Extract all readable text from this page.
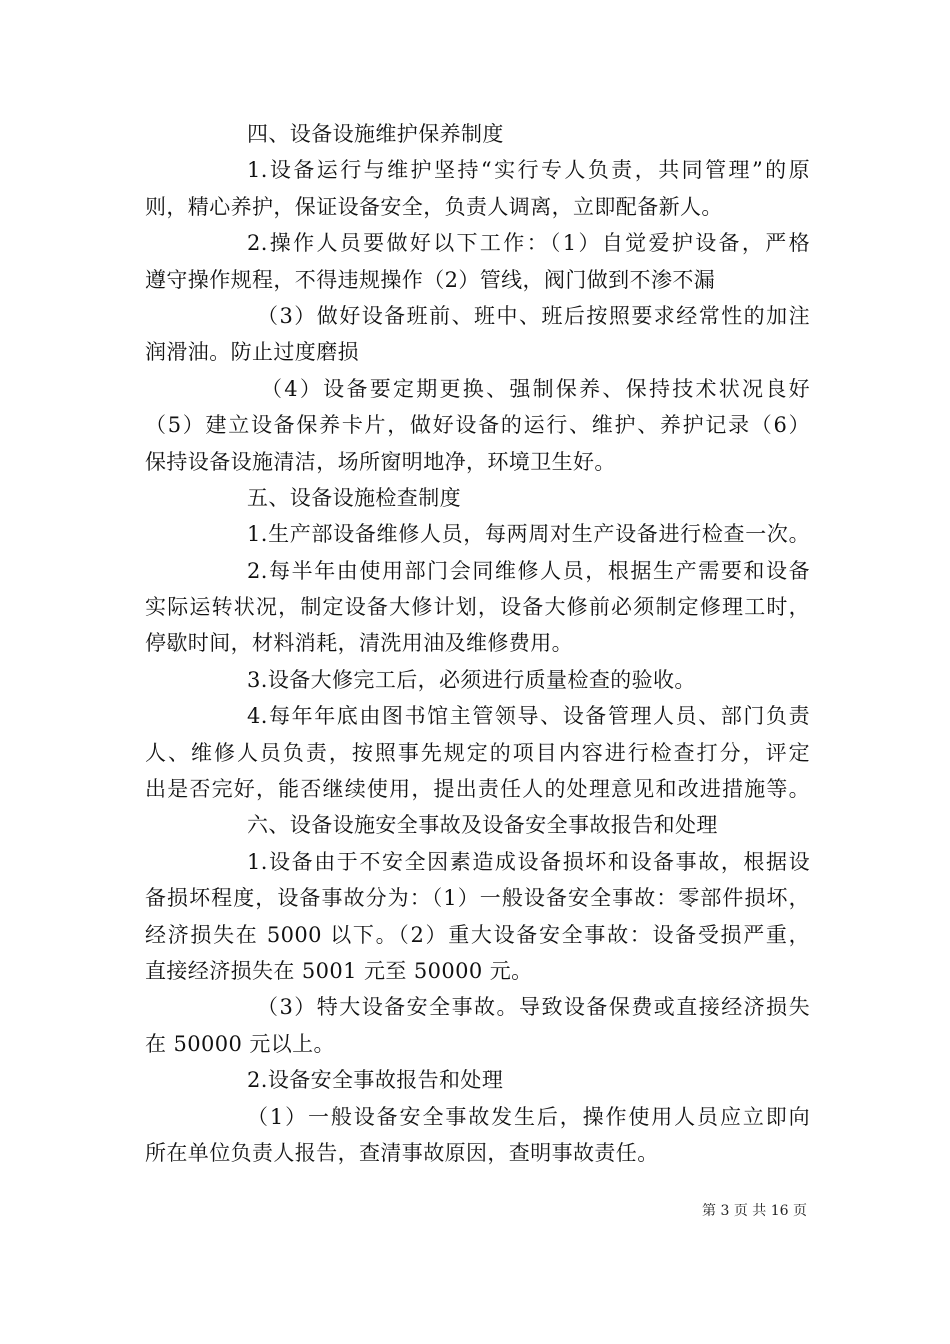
四、设备设施维护保养制度
1.设备运行与维护坚持“实行专人负责，共同管理”的原
则，精心养护，保证设备安全，负责人调离，立即配备新人。
2.操作人员要做好以下工作：（1）自觉爱护设备，严格
遵守操作规程，不得违规操作（2）管线，阀门做到不渗不漏
（3）做好设备班前、班中、班后按照要求经常性的加注
润滑油。防止过度磨损
（4）设备要定期更换、强制保养、保持技术状况良好
（5）建立设备保养卡片，做好设备的运行、维护、养护记录（6）
保持设备设施清洁，场所窗明地净，环境卫生好。
五、设备设施检查制度
1.生产部设备维修人员，每两周对生产设备进行检查一次。
2.每半年由使用部门会同维修人员，根据生产需要和设备
实际运转状况，制定设备大修计划，设备大修前必须制定修理工时，
停歇时间，材料消耗，清洗用油及维修费用。
3.设备大修完工后，必须进行质量检查的验收。
4.每年年底由图书馆主管领导、设备管理人员、部门负责
人、维修人员负责，按照事先规定的项目内容进行检查打分，评定
出是否完好，能否继续使用，提出责任人的处理意见和改进措施等。
六、设备设施安全事故及设备安全事故报告和处理
1.设备由于不安全因素造成设备损坏和设备事故，根据设
备损坏程度，设备事故分为：（1）一般设备安全事故：零部件损坏，
经济损失在 5000 以下。（2）重大设备安全事故：设备受损严重，
直接经济损失在 5001 元至 50000 元。
（3）特大设备安全事故。导致设备保费或直接经济损失
在 50000 元以上。
2.设备安全事故报告和处理
（1）一般设备安全事故发生后，操作使用人员应立即向
所在单位负责人报告，查清事故原因，查明事故责任。
第 3 页 共 16 页
